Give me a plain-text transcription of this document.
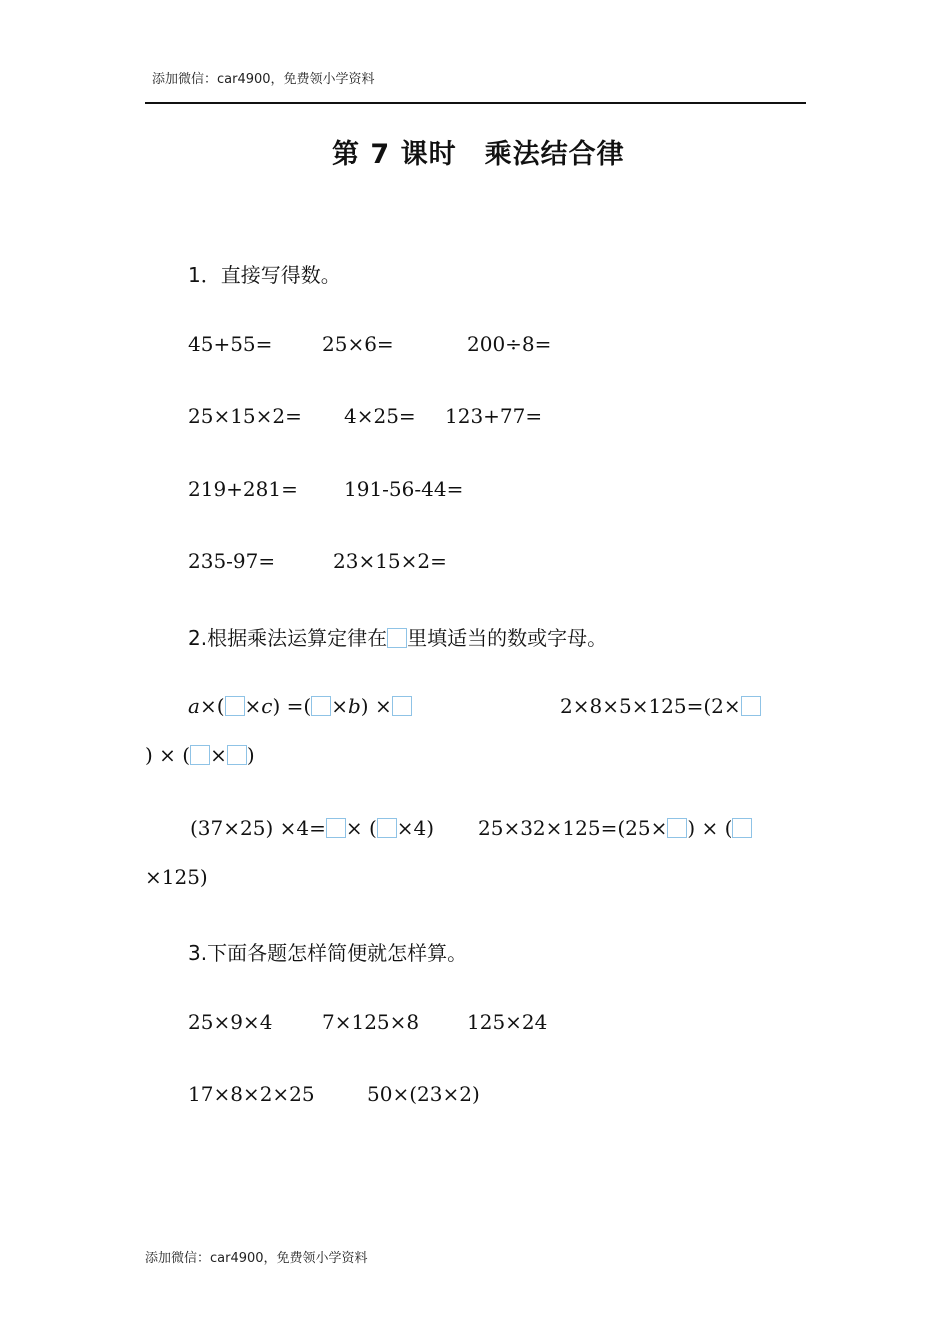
添加微信：car4900，免费领小学资料
第 7 课时　乘法结合律
1．直接写得数。
45+55= 25×6=	200÷8=
25×15×2= 4×25= 123+77=
219+281= 191-56-44=
235-97=	23×15×2=
2.根据乘法运算定律在 里填适当的数或字母。
a×( ×c) =( ×b) ×	2×8×5×125=(2×
) × ( × )
(37×25) ×4= × ( ×4) 25×32×125=(25× ) × (
×125)
3.下面各题怎样简便就怎样算。
25×9×4 7×125×8 125×24
17×8×2×25	50×(23×2)
添加微信：car4900，免费领小学资料
